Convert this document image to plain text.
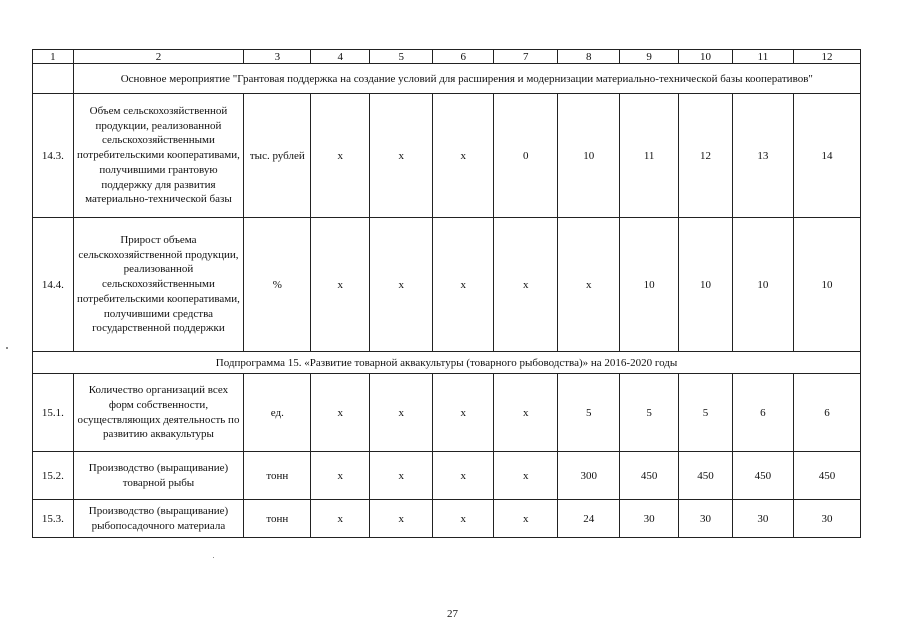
1	2	3	4	5	6	7	8	9	10	11	12
	Основное мероприятие "Грантовая поддержка на создание условий для расширения и модернизации материально-технической базы кооперативов"										
14.3.	Объем сельскохозяйственной продукции, реализованной сельскохозяйственными потребительскими кооперативами, получившими грантовую поддержку для развития материально-технической базы	тыс. рублей	x	x	x	0	10	11	12	13	14
14.4.	Прирост объема сельскохозяйственной продукции, реализованной сельскохозяйственными потребительскими кооперативами, получившими средства государственной поддержки	%	x	x	x	x	x	10	10	10	10
Подпрограмма 15. «Развитие товарной аквакультуры (товарного рыбоводства)» на 2016-2020 годы											
15.1.	Количество организаций всех форм собственности, осуществляющих деятельность по развитию аквакультуры	ед.	x	x	x	x	5	5	5	6	6
15.2.	Производство (выращивание) товарной рыбы	тонн	x	x	x	x	300	450	450	450	450
15.3.	Производство (выращивание) рыбопосадочного материала	тонн	x	x	x	x	24	30	30	30	30
27
